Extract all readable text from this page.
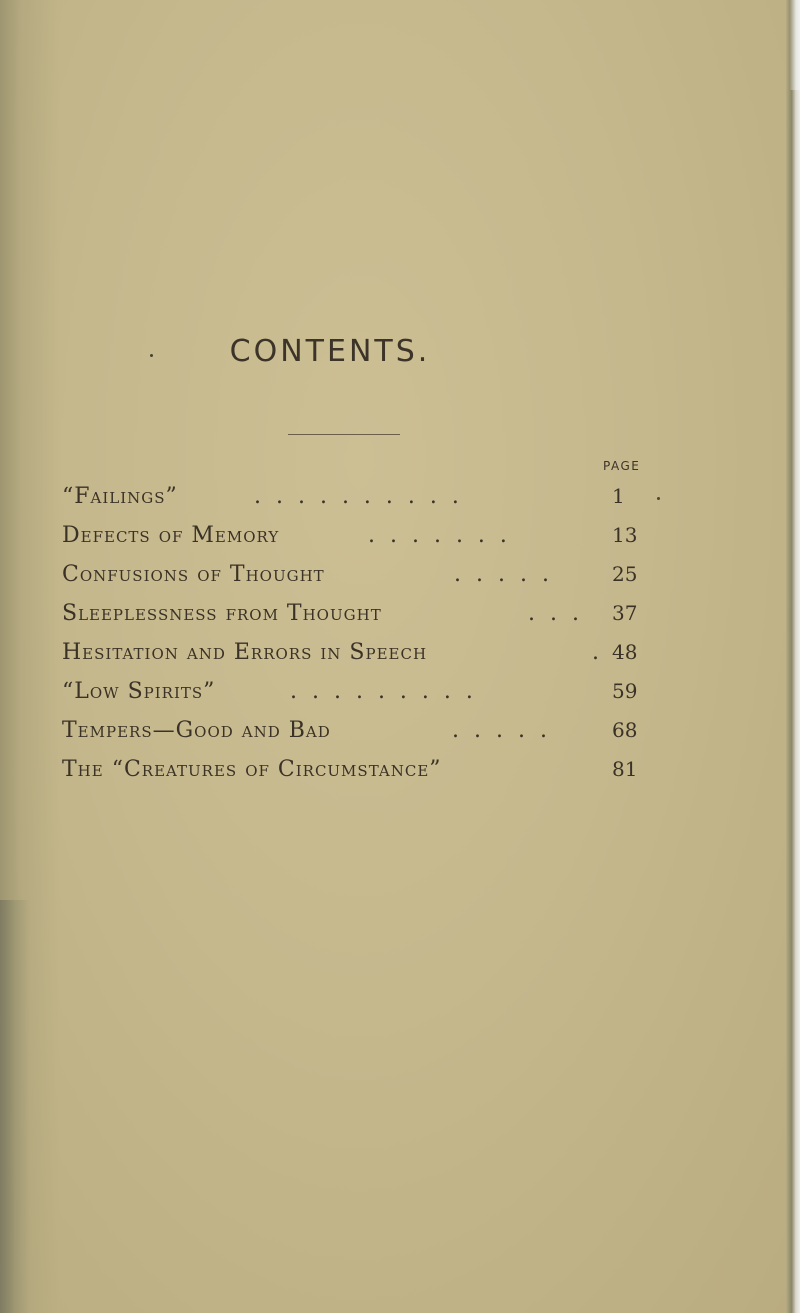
CONTENTS.
PAGE
“Failings”	. . . . . . . . . .	1
Defects of Memory	. . . . . . .	13
Confusions of Thought	. . . . .	25
Sleeplessness from Thought	. . . 37
Hesitation and Errors in Speech	. 48
“Low Spirits”	. . . . . . . . .	59
Tempers—Good and Bad	. . . . .	68
The “Creatures of Circumstance”	81
